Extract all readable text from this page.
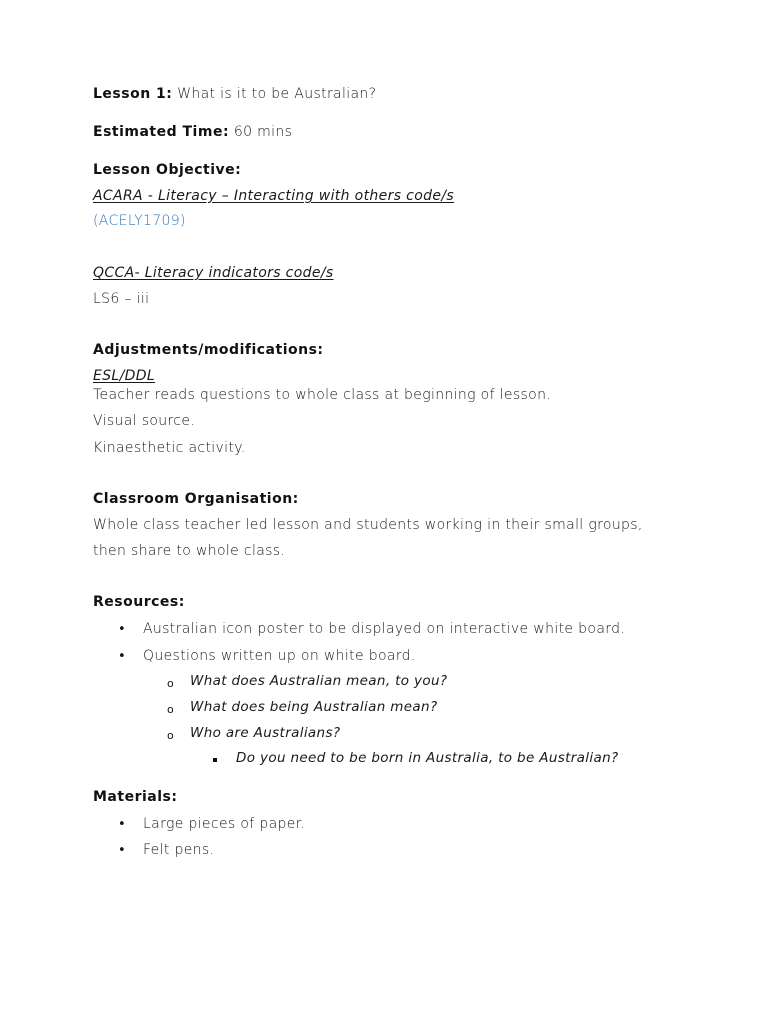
Lesson 1: What is it to be Australian?
Estimated Time: 60 mins
Lesson Objective:
ACARA - Literacy – Interacting with others code/s
(ACELY1709)
QCCA- Literacy indicators code/s
LS6 – iii
Adjustments/modifications:
ESL/DDL
Teacher reads questions to whole class at beginning of lesson.
Visual source.
Kinaesthetic activity.
Classroom Organisation:
Whole class teacher led lesson and students working in their small groups,
then share to whole class.
Resources:
• Australian icon poster to be displayed on interactive white board.
• Questions written up on white board.
o What does Australian mean, to you?
o What does being Australian mean?
o Who are Australians?
Do you need to be born in Australia, to be Australian?
Materials:
• Large pieces of paper.
• Felt pens.
